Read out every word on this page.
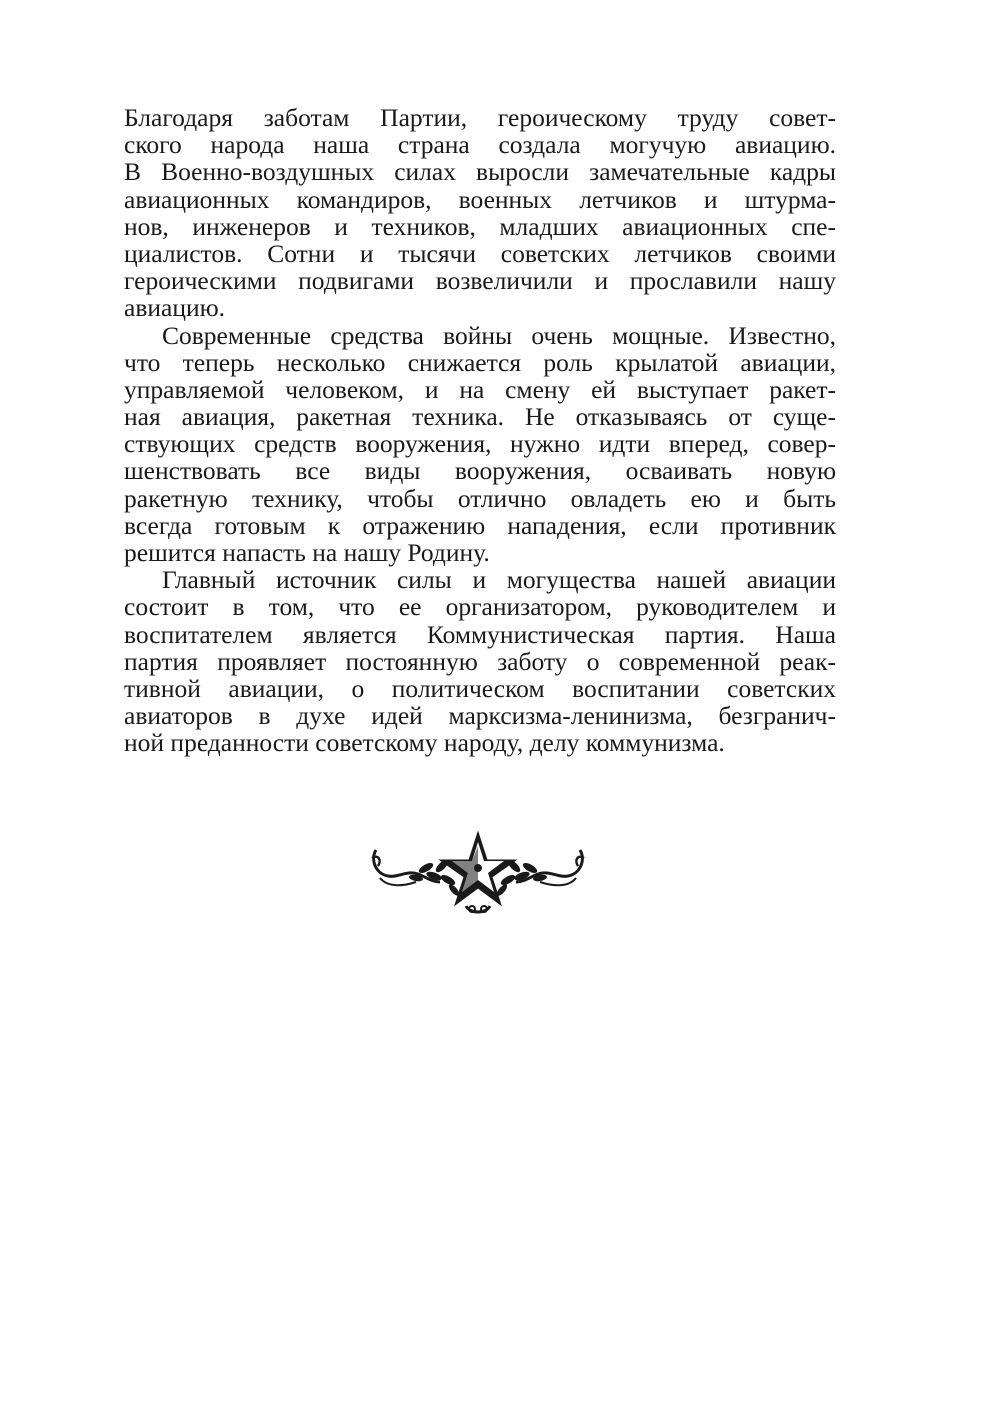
Благодаря заботам Партии, героическому труду совет-
ского народа наша страна создала могучую авиацию.
В Военно-воздушных силах выросли замечательные кадры
авиационных командиров, военных летчиков и штурма-
нов, инженеров и техников, младших авиационных спе-
циалистов. Сотни и тысячи советских летчиков своими
героическими подвигами возвеличили и прославили нашу
авиацию.
Современные средства войны очень мощные. Известно,
что теперь несколько снижается роль крылатой авиации,
управляемой человеком, и на смену ей выступает ракет-
ная авиация, ракетная техника. Не отказываясь от суще-
ствующих средств вооружения, нужно идти вперед, совер-
шенствовать все виды вооружения, осваивать новую
ракетную технику, чтобы отлично овладеть ею и быть
всегда готовым к отражению нападения, если противник
решится напасть на нашу Родину.
Главный источник силы и могущества нашей авиации
состоит в том, что ее организатором, руководителем и
воспитателем является Коммунистическая партия. Наша
партия проявляет постоянную заботу о современной реак-
тивной авиации, о политическом воспитании советских
авиаторов в духе идей марксизма-ленинизма, безгранич-
ной преданности советскому народу, делу коммунизма.
